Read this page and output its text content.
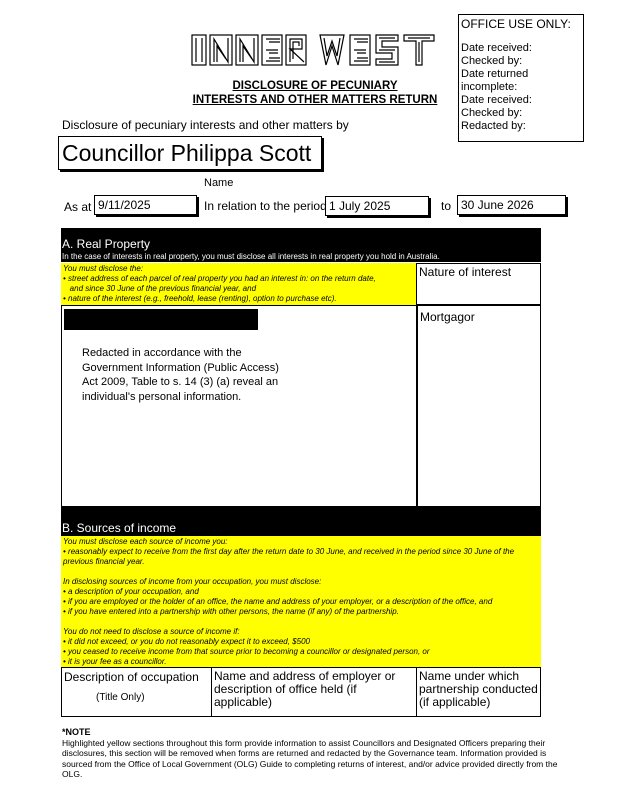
DISCLOSURE OF PECUNIARY
INTERESTS AND OTHER MATTERS RETURN
OFFICE USE ONLY:
Date received:
Checked by:
Date returned
incomplete:
Date received:
Checked by:
Redacted by:
Disclosure of pecuniary interests and other matters by
Councillor Philippa Scott
Name
As at 9/11/2025	In relation to the period 1 July 2025	to 30 June 2026
A. Real Property
In the case of interests in real property, you must disclose all interests in real property you hold in Australia.
You must disclose the:
• street address of each parcel of real property you had an interest in: on the return date,
and since 30 June of the previous financial year, and
• nature of the interest (e.g., freehold, lease (renting), option to purchase etc).
Nature of interest
Redacted in accordance with the Government Information (Public Access) Act 2009, Table to s. 14 (3) (a) reveal an individual's personal information.
Mortgagor
B. Sources of income
You must disclose each source of income you:
• reasonably expect to receive from the first day after the return date to 30 June, and received in the period since 30 June of the previous financial year.
In disclosing sources of income from your occupation, you must disclose:
• a description of your occupation, and
• if you are employed or the holder of an office, the name and address of your employer, or a description of the office, and
• if you have entered into a partnership with other persons, the name (if any) of the partnership.
You do not need to disclose a source of income if:
• it did not exceed, or you do not reasonably expect it to exceed, $500
• you ceased to receive income from that source prior to becoming a councillor or designated person, or
• it is your fee as a councillor.
Description of occupation
(Title Only)
Name and address of employer or description of office held (if applicable)
Name under which partnership conducted (if applicable)
*NOTE
Highlighted yellow sections throughout this form provide information to assist Councillors and Designated Officers preparing their disclosures, this section will be removed when forms are returned and redacted by the Governance team. Information provided is sourced from the Office of Local Government (OLG) Guide to completing returns of interest, and/or advice provided directly from the OLG.
